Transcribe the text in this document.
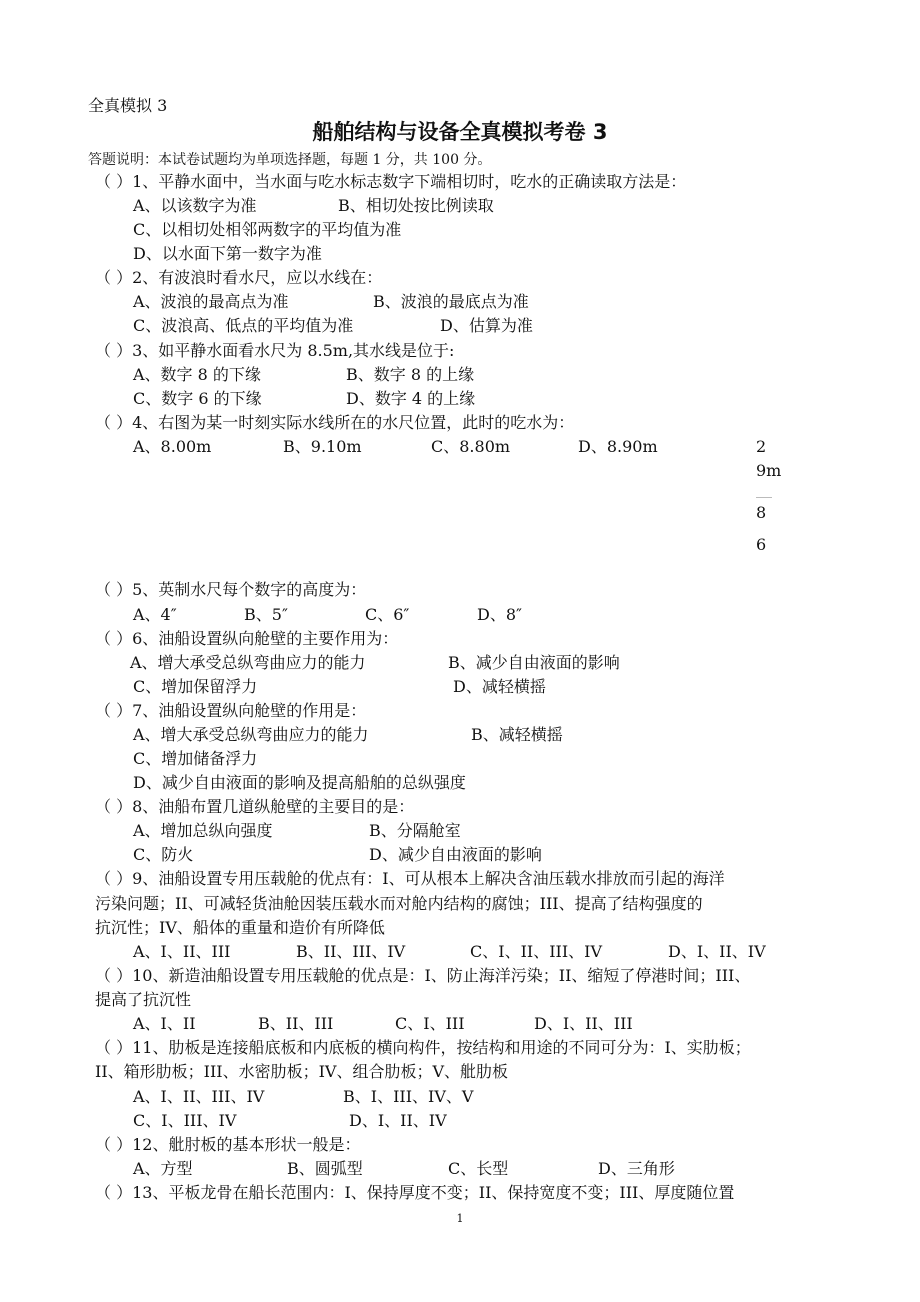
全真模拟 3
船舶结构与设备全真模拟考卷 3
答题说明：本试卷试题均为单项选择题，每题 1 分，共 100 分。
（ ）1、平静水面中，当水面与吃水标志数字下端相切时，吃水的正确读取方法是：
A、以该数字为准	B、相切处按比例读取
C、以相切处相邻两数字的平均值为准
D、以水面下第一数字为准
（ ）2、有波浪时看水尺，应以水线在：
A、波浪的最高点为准	B、波浪的最底点为准
C、波浪高、低点的平均值为准	D、估算为准
（ ）3、如平静水面看水尺为 8.5m,其水线是位于:
A、数字 8 的下缘	B、数字 8 的上缘
C、数字 6 的下缘	D、数字 4 的上缘
（ ）4、右图为某一时刻实际水线所在的水尺位置，此时的吃水为：
A、8.00m	B、9.10m	C、8.80m	D、8.90m
（ ）5、英制水尺每个数字的高度为：
A、4″	B、5″	C、6″	D、8″
（ ）6、油船设置纵向舱壁的主要作用为：
A、增大承受总纵弯曲应力的能力	B、减少自由液面的影响
C、增加保留浮力	D、减轻横摇
（ ）7、油船设置纵向舱壁的作用是：
A、增大承受总纵弯曲应力的能力	B、减轻横摇
C、增加储备浮力
D、减少自由液面的影响及提高船舶的总纵强度
（ ）8、油船布置几道纵舱壁的主要目的是：
A、增加总纵向强度	B、分隔舱室
C、防火	D、减少自由液面的影响
（ ）9、油船设置专用压载舱的优点有：I、可从根本上解决含油压载水排放而引起的海洋
污染问题；II、可减轻货油舱因装压载水而对舱内结构的腐蚀；III、提高了结构强度的
抗沉性；IV、船体的重量和造价有所降低
A、I、II、III	B、II、III、IV	C、I、II、III、IV	D、I、II、IV
（ ）10、新造油船设置专用压载舱的优点是：I、防止海洋污染；II、缩短了停港时间；III、
提高了抗沉性
A、I、II	B、II、III	C、I、III	D、I、II、III
（ ）11、肋板是连接船底板和内底板的横向构件，按结构和用途的不同可分为：I、实肋板；
II、箱形肋板；III、水密肋板；IV、组合肋板；V、舭肋板
A、I、II、III、IV	B、I、III、IV、V
C、I、III、IV	D、I、II、IV
（ ）12、舭肘板的基本形状一般是：
A、方型	B、圆弧型	C、长型	D、三角形
（ ）13、平板龙骨在船长范围内：I、保持厚度不变；II、保持宽度不变；III、厚度随位置
2
9m
8
6
1
